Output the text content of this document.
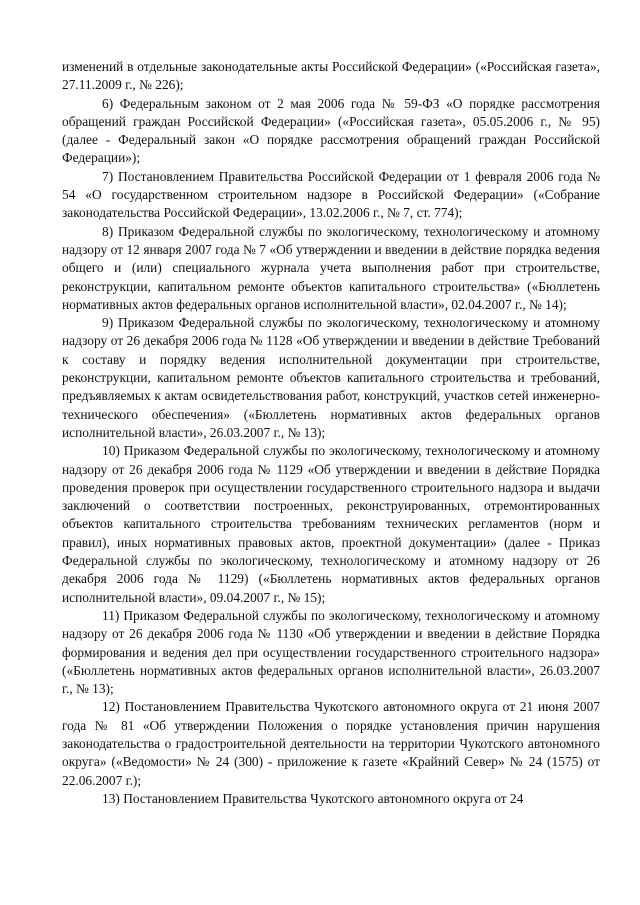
изменений в отдельные законодательные акты Российской Федерации» («Российская газета», 27.11.2009 г., № 226);

6) Федеральным законом от 2 мая 2006 года № 59-ФЗ «О порядке рассмотрения обращений граждан Российской Федерации» («Российская газета», 05.05.2006 г., № 95) (далее - Федеральный закон «О порядке рассмотрения обращений граждан Российской Федерации»);

7) Постановлением Правительства Российской Федерации от 1 февраля 2006 года № 54 «О государственном строительном надзоре в Российской Федерации» («Собрание законодательства Российской Федерации», 13.02.2006 г., № 7, ст. 774);

8) Приказом Федеральной службы по экологическому, технологическому и атомному надзору от 12 января 2007 года № 7 «Об утверждении и введении в действие порядка ведения общего и (или) специального журнала учета выполнения работ при строительстве, реконструкции, капитальном ремонте объектов капитального строительства» («Бюллетень нормативных актов федеральных органов исполнительной власти», 02.04.2007 г., № 14);

9) Приказом Федеральной службы по экологическому, технологическому и атомному надзору от 26 декабря 2006 года № 1128 «Об утверждении и введении в действие Требований к составу и порядку ведения исполнительной документации при строительстве, реконструкции, капитальном ремонте объектов капитального строительства и требований, предъявляемых к актам освидетельствования работ, конструкций, участков сетей инженерно-технического обеспечения» («Бюллетень нормативных актов федеральных органов исполнительной власти», 26.03.2007 г., № 13);

10) Приказом Федеральной службы по экологическому, технологическому и атомному надзору от 26 декабря 2006 года № 1129 «Об утверждении и введении в действие Порядка проведения проверок при осуществлении государственного строительного надзора и выдачи заключений о соответствии построенных, реконструированных, отремонтированных объектов капитального строительства требованиям технических регламентов (норм и правил), иных нормативных правовых актов, проектной документации» (далее - Приказ Федеральной службы по экологическому, технологическому и атомному надзору от 26 декабря 2006 года № 1129) («Бюллетень нормативных актов федеральных органов исполнительной власти», 09.04.2007 г., № 15);

11) Приказом Федеральной службы по экологическому, технологическому и атомному надзору от 26 декабря 2006 года № 1130 «Об утверждении и введении в действие Порядка формирования и ведения дел при осуществлении государственного строительного надзора» («Бюллетень нормативных актов федеральных органов исполнительной власти», 26.03.2007 г., № 13);

12) Постановлением Правительства Чукотского автономного округа от 21 июня 2007 года № 81 «Об утверждении Положения о порядке установления причин нарушения законодательства о градостроительной деятельности на территории Чукотского автономного округа» («Ведомости» № 24 (300) - приложение к газете «Крайний Север» № 24 (1575) от 22.06.2007 г.);

13) Постановлением Правительства Чукотского автономного округа от 24
